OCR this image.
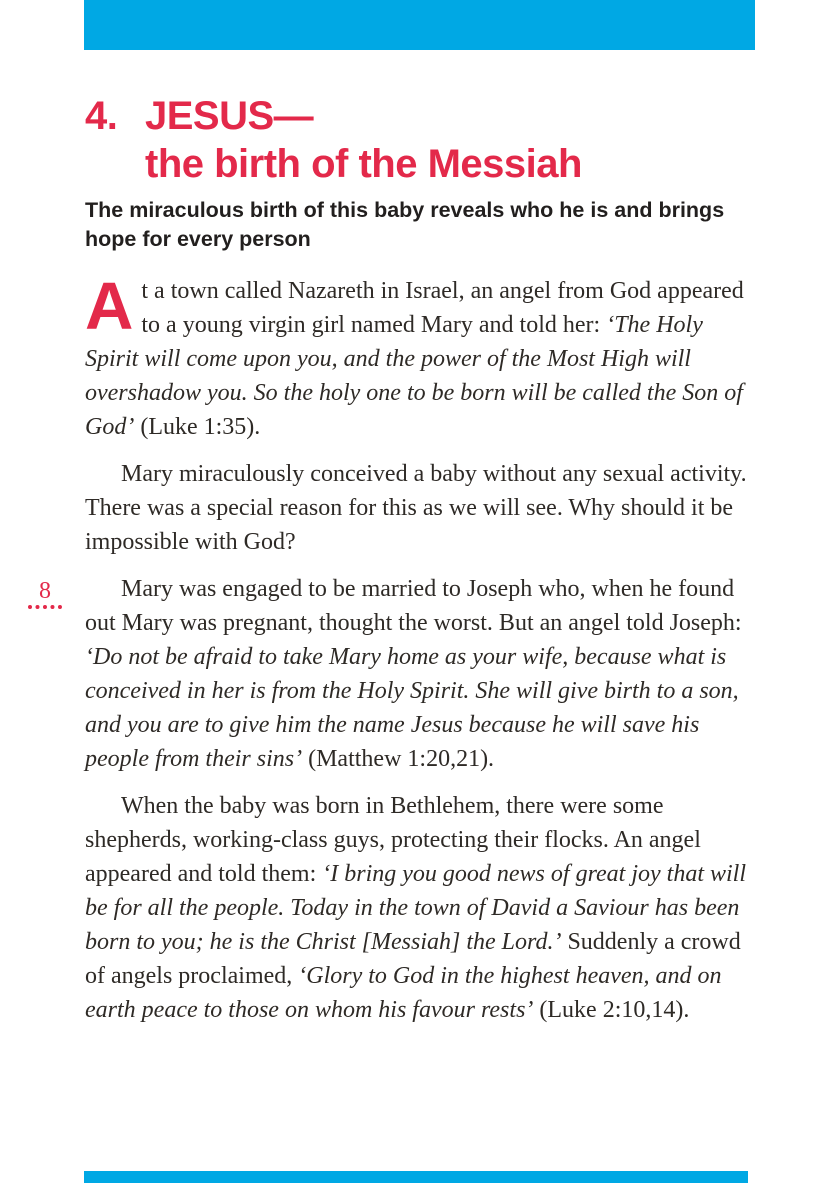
4. JESUS—
the birth of the Messiah
The miraculous birth of this baby reveals who he is and brings hope for every person
8

At a town called Nazareth in Israel, an angel from God appeared to a young virgin girl named Mary and told her: ‘The Holy Spirit will come upon you, and the power of the Most High will overshadow you. So the holy one to be born will be called the Son of God’ (Luke 1:35).

Mary miraculously conceived a baby without any sexual activity. There was a special reason for this as we will see. Why should it be impossible with God?

Mary was engaged to be married to Joseph who, when he found out Mary was pregnant, thought the worst. But an angel told Joseph: ‘Do not be afraid to take Mary home as your wife, because what is conceived in her is from the Holy Spirit. She will give birth to a son, and you are to give him the name Jesus because he will save his people from their sins’ (Matthew 1:20,21).

When the baby was born in Bethlehem, there were some shepherds, working-class guys, protecting their flocks. An angel appeared and told them: ‘I bring you good news of great joy that will be for all the people. Today in the town of David a Saviour has been born to you; he is the Christ [Messiah] the Lord.’ Suddenly a crowd of angels proclaimed, ‘Glory to God in the highest heaven, and on earth peace to those on whom his favour rests’ (Luke 2:10,14).
